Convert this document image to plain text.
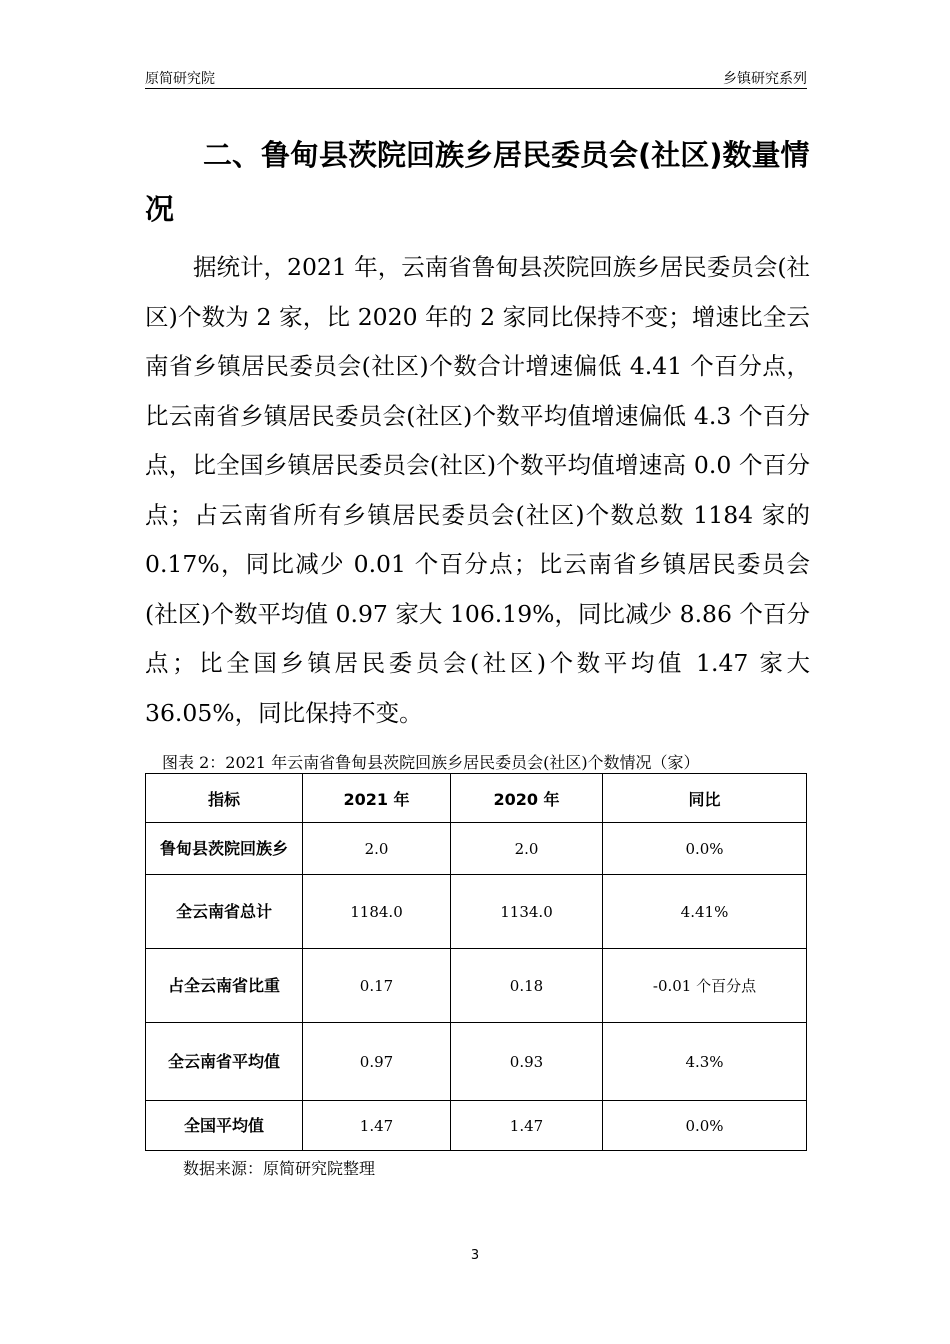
原简研究院	乡镇研究系列
二、鲁甸县茨院回族乡居民委员会(社区)数量情况
据统计，2021 年，云南省鲁甸县茨院回族乡居民委员会(社区)个数为 2 家，比 2020 年的 2 家同比保持不变；增速比全云南省乡镇居民委员会(社区)个数合计增速偏低 4.41 个百分点，比云南省乡镇居民委员会(社区)个数平均值增速偏低 4.3 个百分点，比全国乡镇居民委员会(社区)个数平均值增速高 0.0 个百分点；占云南省所有乡镇居民委员会(社区)个数总数 1184 家的 0.17%，同比减少 0.01 个百分点；比云南省乡镇居民委员会(社区)个数平均值 0.97 家大 106.19%，同比减少 8.86 个百分点；比全国乡镇居民委员会(社区)个数平均值 1.47 家大 36.05%，同比保持不变。
图表 2：2021 年云南省鲁甸县茨院回族乡居民委员会(社区)个数情况（家）
指标	2021 年	2020 年	同比
鲁甸县茨院回族乡	2.0	2.0	0.0%
全云南省总计	1184.0	1134.0	4.41%
占全云南省比重	0.17	0.18	-0.01 个百分点
全云南省平均值	0.97	0.93	4.3%
全国平均值	1.47	1.47	0.0%
数据来源：原简研究院整理
3
